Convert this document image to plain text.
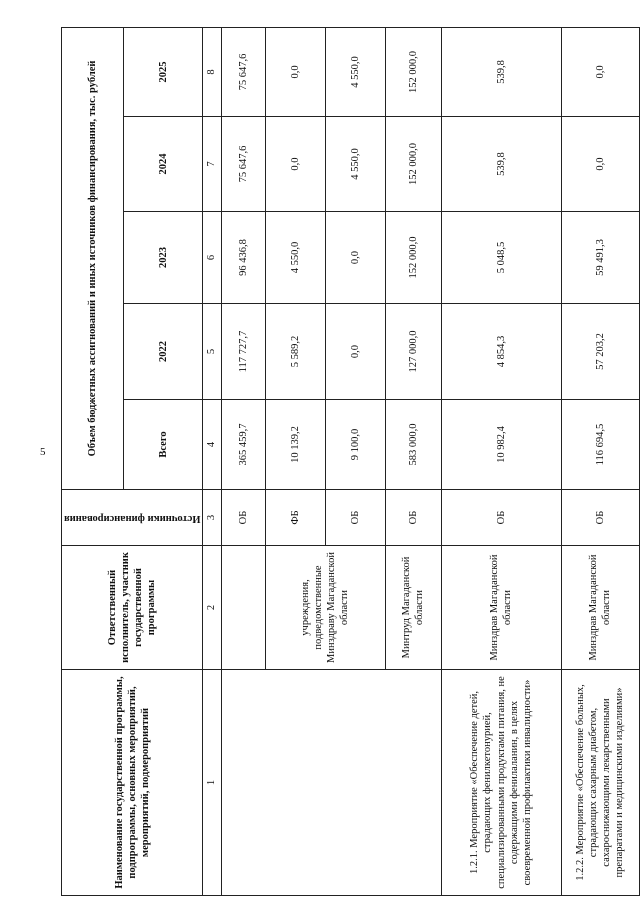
5
Наименование государственной программы, подпрограммы, основных мероприятий, мероприятий, подмероприятий	Ответственный исполнитель, участник государственной программы	Источники финансирования	Объем бюджетных ассигнований и иных источников финансирования, тыс. рублей				
			Всего	2022	2023	2024	2025
1	2	3	4	5	6	7	8
		ОБ	365 459,7	117 727,7	96 436,8	75 647,6	75 647,6
	учреждения, подведомственные Минздраву Магаданской области	ФБ	10 139,2	5 589,2	4 550,0	0,0	0,0
		ОБ	9 100,0	0,0	0,0	4 550,0	4 550,0
	Минтруд Магаданской области	ОБ	583 000,0	127 000,0	152 000,0	152 000,0	152 000,0
1.2.1. Мероприятие «Обеспечение детей, страдающих фенилкетонурией, специализированными продуктами питания, не содержащими фенилаланин, в целях своевременной профилактики инвалидности»	Минздрав Магаданской области	ОБ	10 982,4	4 854,3	5 048,5	539,8	539,8
1.2.2. Мероприятие «Обеспечение больных, страдающих сахарным диабетом, сахароснижающими лекарственными препаратами и медицинскими изделиями»	Минздрав Магаданской области	ОБ	116 694,5	57 203,2	59 491,3	0,0	0,0
